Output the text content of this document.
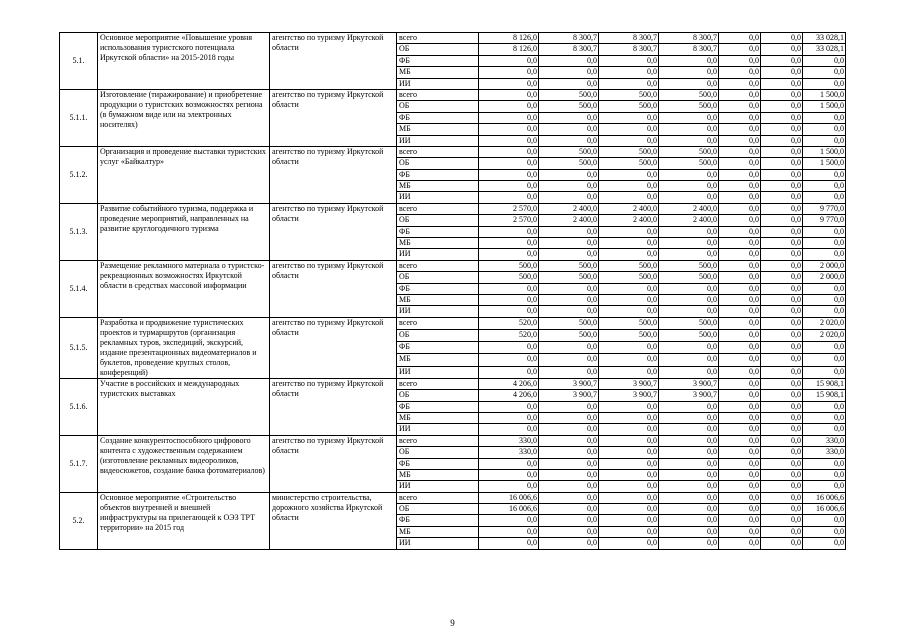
5.1.	Основное мероприятие «Повышение уровня использования туристского потенциала Иркутской области» на 2015-2018 годы	агентство по туризму Иркутской области	всего	8 126,0	8 300,7	8 300,7	8 300,7	0,0	0,0	33 028,1
			ОБ	8 126,0	8 300,7	8 300,7	8 300,7	0,0	0,0	33 028,1
			ФБ	0,0	0,0	0,0	0,0	0,0	0,0	0,0
			МБ	0,0	0,0	0,0	0,0	0,0	0,0	0,0
			ИИ	0,0	0,0	0,0	0,0	0,0	0,0	0,0
5.1.1.	Изготовление (тиражирование) и приобретение продукции о туристских возможностях региона (в бумажном виде или на электронных носителях)	агентство по туризму Иркутской области	всего	0,0	500,0	500,0	500,0	0,0	0,0	1 500,0
			ОБ	0,0	500,0	500,0	500,0	0,0	0,0	1 500,0
			ФБ	0,0	0,0	0,0	0,0	0,0	0,0	0,0
			МБ	0,0	0,0	0,0	0,0	0,0	0,0	0,0
			ИИ	0,0	0,0	0,0	0,0	0,0	0,0	0,0
5.1.2.	Организация и проведение выставки туристских услуг «Байкалтур»	агентство по туризму Иркутской области	всего	0,0	500,0	500,0	500,0	0,0	0,0	1 500,0
			ОБ	0,0	500,0	500,0	500,0	0,0	0,0	1 500,0
			ФБ	0,0	0,0	0,0	0,0	0,0	0,0	0,0
			МБ	0,0	0,0	0,0	0,0	0,0	0,0	0,0
			ИИ	0,0	0,0	0,0	0,0	0,0	0,0	0,0
5.1.3.	Развитие событийного туризма, поддержка и проведение мероприятий, направленных на развитие круглогодичного туризма	агентство по туризму Иркутской области	всего	2 570,0	2 400,0	2 400,0	2 400,0	0,0	0,0	9 770,0
			ОБ	2 570,0	2 400,0	2 400,0	2 400,0	0,0	0,0	9 770,0
			ФБ	0,0	0,0	0,0	0,0	0,0	0,0	0,0
			МБ	0,0	0,0	0,0	0,0	0,0	0,0	0,0
			ИИ	0,0	0,0	0,0	0,0	0,0	0,0	0,0
5.1.4.	Размещение рекламного материала о туристско-рекреационных возможностях Иркутской области в средствах массовой информации	агентство по туризму Иркутской области	всего	500,0	500,0	500,0	500,0	0,0	0,0	2 000,0
			ОБ	500,0	500,0	500,0	500,0	0,0	0,0	2 000,0
			ФБ	0,0	0,0	0,0	0,0	0,0	0,0	0,0
			МБ	0,0	0,0	0,0	0,0	0,0	0,0	0,0
			ИИ	0,0	0,0	0,0	0,0	0,0	0,0	0,0
5.1.5.	Разработка и продвижение туристических проектов и турмаршрутов (организация рекламных туров, экспедиций, экскурсий, издание презентационных видеоматериалов и буклетов, проведение круглых столов, конференций)	агентство по туризму Иркутской области	всего	520,0	500,0	500,0	500,0	0,0	0,0	2 020,0
			ОБ	520,0	500,0	500,0	500,0	0,0	0,0	2 020,0
			ФБ	0,0	0,0	0,0	0,0	0,0	0,0	0,0
			МБ	0,0	0,0	0,0	0,0	0,0	0,0	0,0
			ИИ	0,0	0,0	0,0	0,0	0,0	0,0	0,0
5.1.6.	Участие в российских и международных туристских выставках	агентство по туризму Иркутской области	всего	4 206,0	3 900,7	3 900,7	3 900,7	0,0	0,0	15 908,1
			ОБ	4 206,0	3 900,7	3 900,7	3 900,7	0,0	0,0	15 908,1
			ФБ	0,0	0,0	0,0	0,0	0,0	0,0	0,0
			МБ	0,0	0,0	0,0	0,0	0,0	0,0	0,0
			ИИ	0,0	0,0	0,0	0,0	0,0	0,0	0,0
5.1.7.	Создание конкурентоспособного цифрового контента с художественным содержанием (изготовление рекламных видеороликов, видеосюжетов, создание банка фотоматериалов)	агентство по туризму Иркутской области	всего	330,0	0,0	0,0	0,0	0,0	0,0	330,0
			ОБ	330,0	0,0	0,0	0,0	0,0	0,0	330,0
			ФБ	0,0	0,0	0,0	0,0	0,0	0,0	0,0
			МБ	0,0	0,0	0,0	0,0	0,0	0,0	0,0
			ИИ	0,0	0,0	0,0	0,0	0,0	0,0	0,0
5.2.	Основное мероприятие «Строительство объектов внутренней и внешней инфраструктуры на прилегающей к ОЭЗ ТРТ территории» на 2015 год	министерство строительства, дорожного хозяйства Иркутской области	всего	16 006,6	0,0	0,0	0,0	0,0	0,0	16 006,6
			ОБ	16 006,6	0,0	0,0	0,0	0,0	0,0	16 006,6
			ФБ	0,0	0,0	0,0	0,0	0,0	0,0	0,0
			МБ	0,0	0,0	0,0	0,0	0,0	0,0	0,0
			ИИ	0,0	0,0	0,0	0,0	0,0	0,0	0,0
9
